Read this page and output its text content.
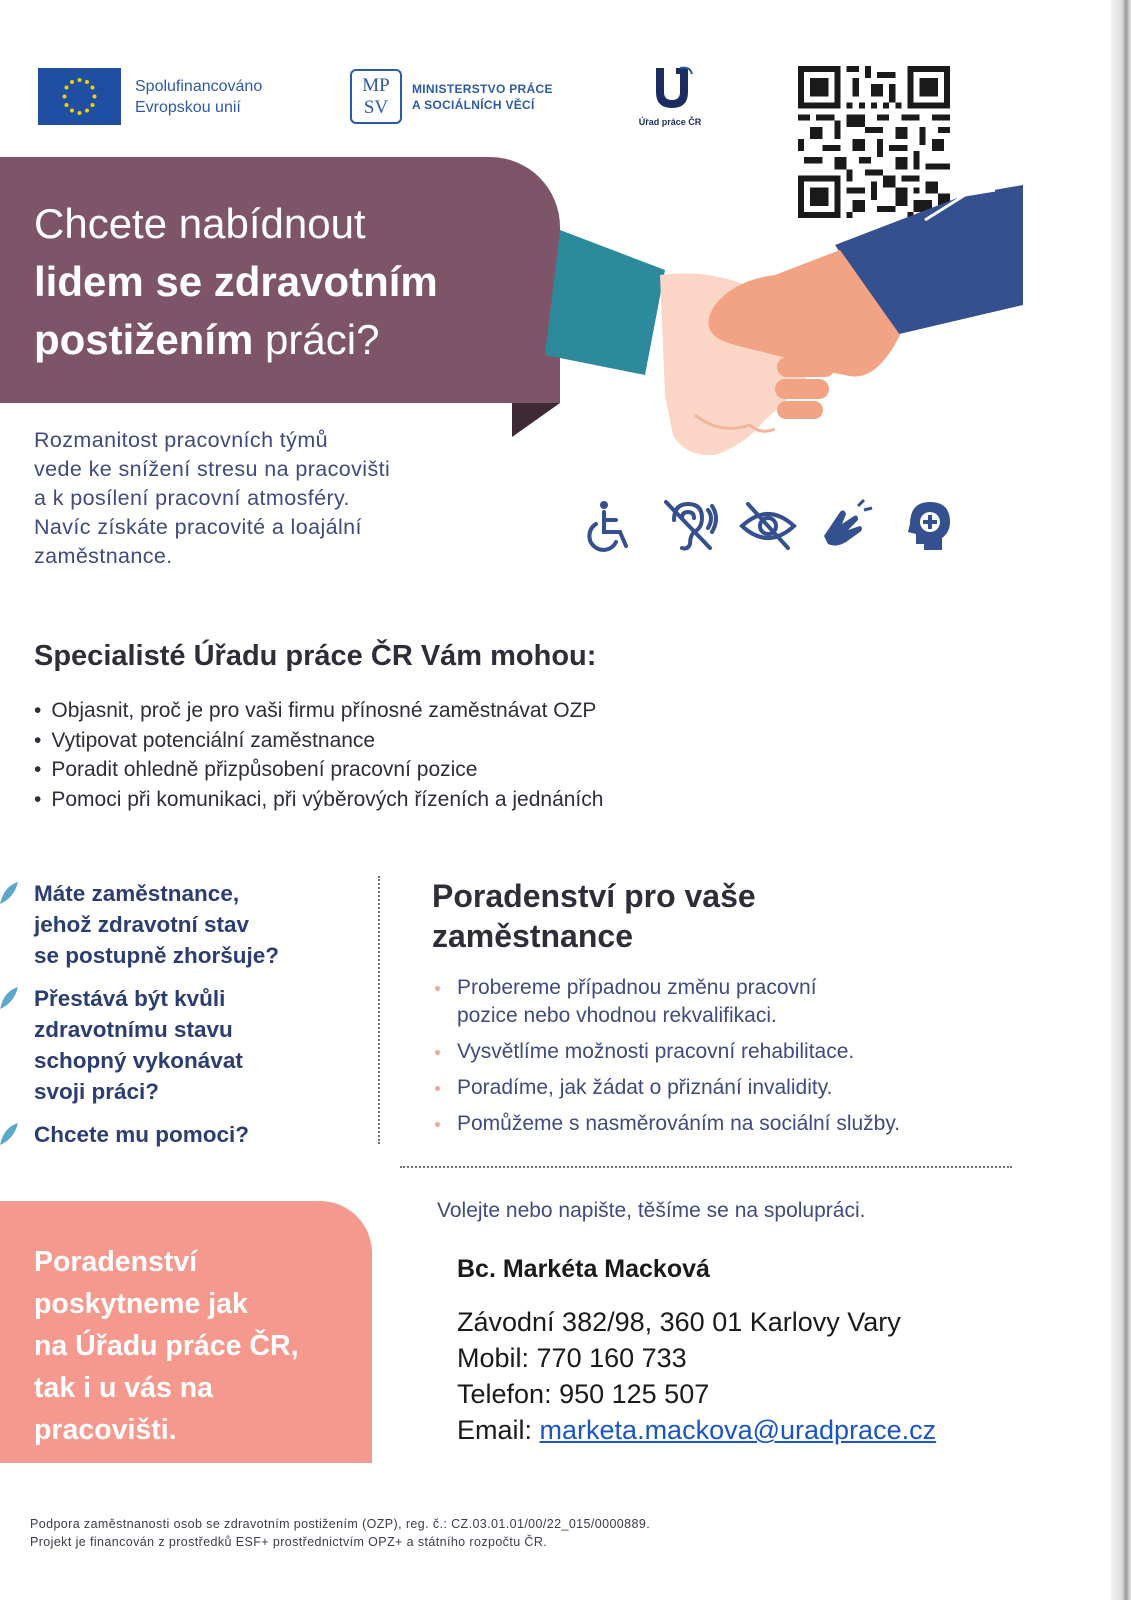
Spolufinancováno
Evropskou unií
MP
SV
MINISTERSTVO PRÁCE
A SOCIÁLNÍCH VĚCÍ
Úřad práce ČR
Chcete nabídnout
lidem se zdravotním
postižením práci?
Rozmanitost pracovních týmů
vede ke snížení stresu na pracovišti
a k posílení pracovní atmosféry.
Navíc získáte pracovité a loajální
zaměstnance.
Specialisté Úřadu práce ČR Vám mohou:
• Objasnit, proč je pro vaši firmu přínosné zaměstnávat OZP
• Vytipovat potenciální zaměstnance
• Poradit ohledně přizpůsobení pracovní pozice
• Pomoci při komunikaci, při výběrových řízeních a jednáních
Máte zaměstnance,
jehož zdravotní stav
se postupně zhoršuje?
Přestává být kvůli
zdravotnímu stavu
schopný vykonávat
svoji práci?
Chcete mu pomoci?
Poradenství pro vaše
zaměstnance
Probereme případnou změnu pracovní
pozice nebo vhodnou rekvalifikaci.
Vysvětlíme možnosti pracovní rehabilitace.
Poradíme, jak žádat o přiznání invalidity.
Pomůžeme s nasměrováním na sociální služby.
Poradenství
poskytneme jak
na Úřadu práce ČR,
tak i u vás na
pracovišti.
Volejte nebo napište, těšíme se na spolupráci.
Bc. Markéta Macková
Závodní 382/98, 360 01 Karlovy Vary
Mobil: 770 160 733
Telefon: 950 125 507
Email: marketa.mackova@uradprace.cz
Podpora zaměstnanosti osob se zdravotním postižením (OZP), reg. č.: CZ.03.01.01/00/22_015/0000889.
Projekt je financován z prostředků ESF+ prostřednictvím OPZ+ a státního rozpočtu ČR.
